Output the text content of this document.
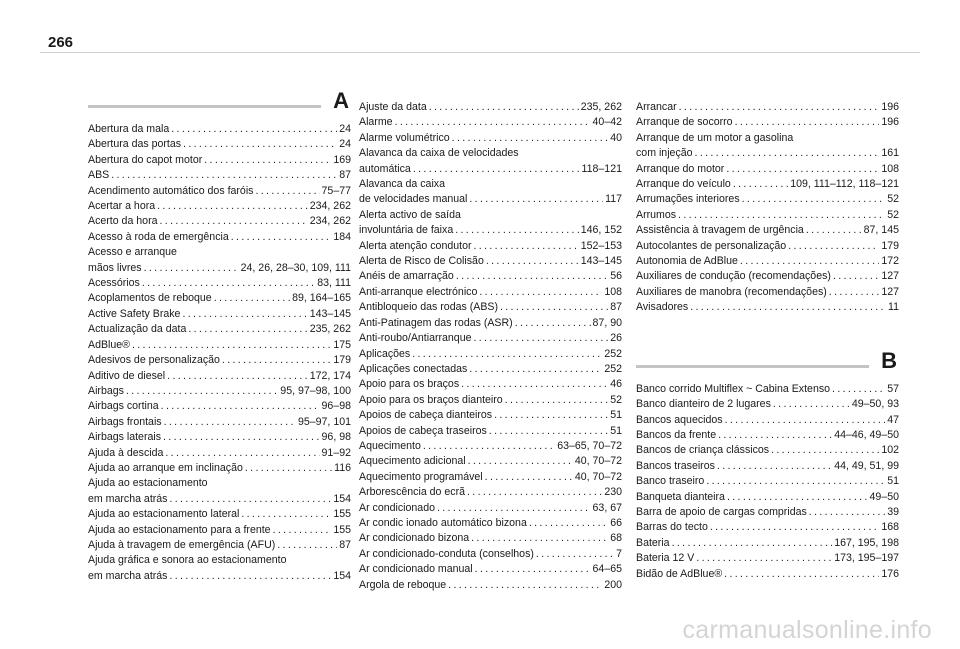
266
A
Abertura da mala . . .	24
Abertura das portas . . .	24
Abertura do capot motor . . .	169
ABS . . .	87
Acendimento automático dos faróis . . .	75–77
Acertar a hora . . .	234, 262
Acerto da hora . . .	234, 262
Acesso à roda de emergência . . .	184
Acesso e arranque
mãos livres . . .	24, 26, 28–30, 109, 111
Acessórios . . .	83, 111
Acoplamentos de reboque . . .	89, 164–165
Active Safety Brake . . .	143–145
Actualização da data . . .	235, 262
AdBlue® . . .	175
Adesivos de personalização . . .	179
Aditivo de diesel . . .	172, 174
Airbags . . .	95, 97–98, 100
Airbags cortina . . .	96–98
Airbags frontais . . .	95–97, 101
Airbags laterais . . .	96, 98
Ajuda à descida . . .	91–92
Ajuda ao arranque em inclinação . . .	116
Ajuda ao estacionamento
em marcha atrás . . .	154
Ajuda ao estacionamento lateral . . .	155
Ajuda ao estacionamento para a frente . . .	155
Ajuda à travagem de emergência (AFU) . . .	87
Ajuda gráfica e sonora ao estacionamento
em marcha atrás . . .	154
Ajuste da data . . .	235, 262
Alarme . . .	40–42
Alarme volumétrico . . .	40
Alavanca da caixa de velocidades
automática . . .	118–121
Alavanca da caixa
de velocidades manual . . .	117
Alerta activo de saída
involuntária de faixa . . .	146, 152
Alerta atenção condutor . . .	152–153
Alerta de Risco de Colisão . . .	143–145
Anéis de amarração . . .	56
Anti-arranque electrónico . . .	108
Antibloqueio das rodas (ABS) . . .	87
Anti-Patinagem das rodas (ASR) . . .	87, 90
Anti-roubo/Antiarranque . . .	26
Aplicações . . .	252
Aplicações conectadas . . .	252
Apoio para os braços . . .	46
Apoio para os braços dianteiro . . .	52
Apoios de cabeça dianteiros . . .	51
Apoios de cabeça traseiros . . .	51
Aquecimento . . .	63–65, 70–72
Aquecimento adicional . . .	40, 70–72
Aquecimento programável . . .	40, 70–72
Arborescência do ecrã . . .	230
Ar condicionado . . .	63, 67
Ar condic ionado automático bizona . . .	66
Ar condicionado bizona . . .	68
Ar condicionado-conduta (conselhos) . . .	7
Ar condicionado manual . . .	64–65
Argola de reboque . . .	200
Arrancar . . .	196
Arranque de socorro . . .	196
Arranque de um motor a gasolina
com injeção . . .	161
Arranque do motor . . .	108
Arranque do veículo . . .	109, 111–112, 118–121
Arrumações interiores . . .	52
Arrumos . . .	52
Assistência à travagem de urgência . . .	87, 145
Autocolantes de personalização . . .	179
Autonomia de AdBlue . . .	172
Auxiliares de condução (recomendações) . . .	127
Auxiliares de manobra (recomendações) . . .	127
Avisadores . . .	11
B
Banco corrido Multiflex ~ Cabina Extenso . . .	57
Banco dianteiro de 2 lugares . . .	49–50, 93
Bancos aquecidos . . .	47
Bancos da frente . . .	44–46, 49–50
Bancos de criança clássicos . . .	102
Bancos traseiros . . .	44, 49, 51, 99
Banco traseiro . . .	51
Banqueta dianteira . . .	49–50
Barra de apoio de cargas compridas . . .	39
Barras do tecto . . .	168
Bateria . . .	167, 195, 198
Bateria 12 V . . .	173, 195–197
Bidão de AdBlue® . . .	176
carmanualsonline.info
